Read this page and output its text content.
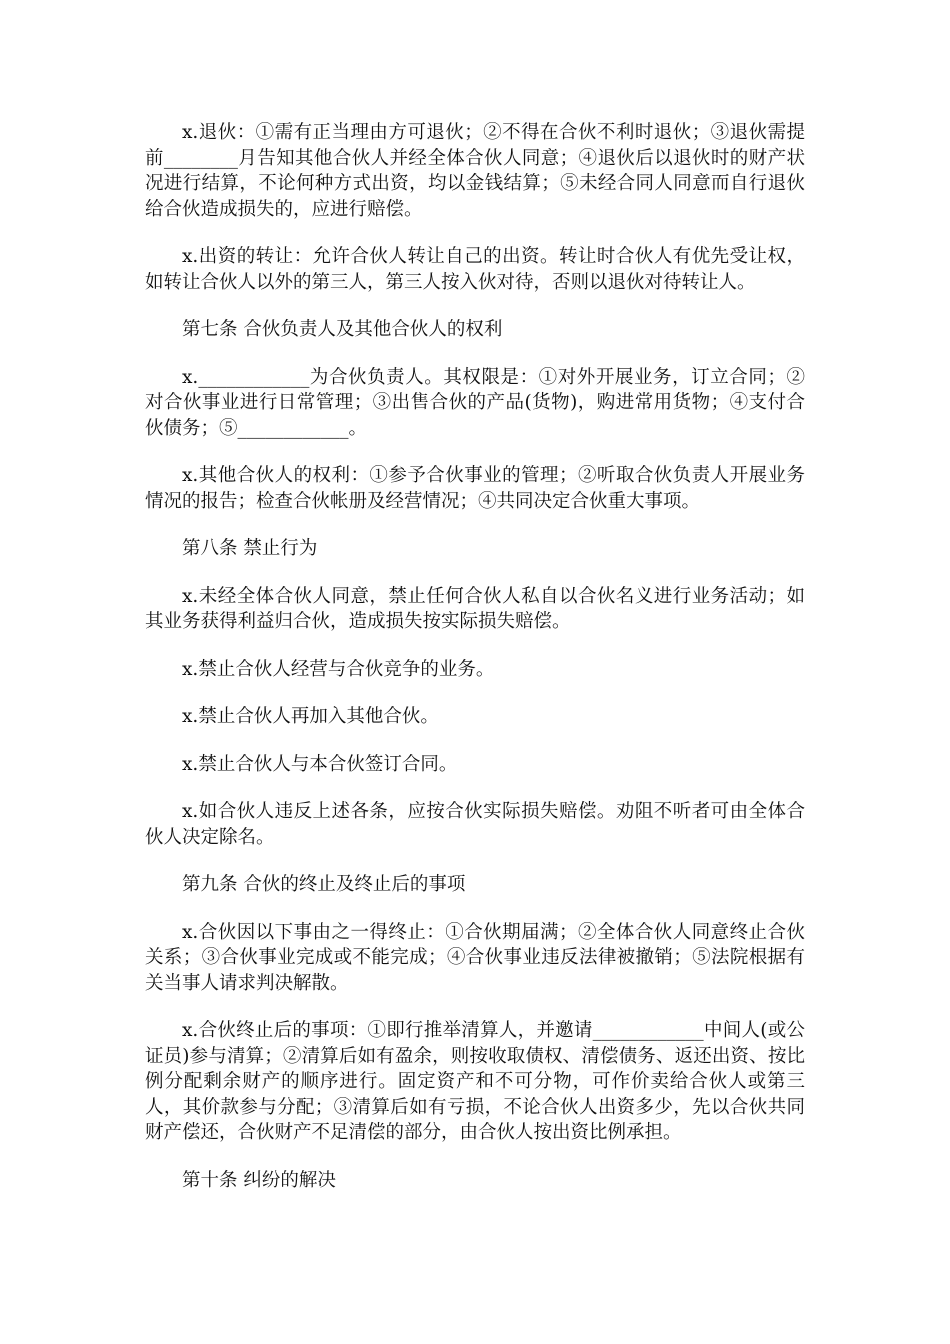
x.退伙：①需有正当理由方可退伙；②不得在合伙不利时退伙；③退伙需提前________月告知其他合伙人并经全体合伙人同意；④退伙后以退伙时的财产状况进行结算，不论何种方式出资，均以金钱结算；⑤未经合同人同意而自行退伙给合伙造成损失的，应进行赔偿。

x.出资的转让：允许合伙人转让自己的出资。转让时合伙人有优先受让权，如转让合伙人以外的第三人，第三人按入伙对待，否则以退伙对待转让人。

第七条 合伙负责人及其他合伙人的权利

x.____________为合伙负责人。其权限是：①对外开展业务，订立合同；②对合伙事业进行日常管理；③出售合伙的产品(货物)，购进常用货物；④支付合伙债务；⑤____________。

x.其他合伙人的权利：①参予合伙事业的管理；②听取合伙负责人开展业务情况的报告；检查合伙帐册及经营情况；④共同决定合伙重大事项。

第八条 禁止行为

x.未经全体合伙人同意，禁止任何合伙人私自以合伙名义进行业务活动；如其业务获得利益归合伙，造成损失按实际损失赔偿。

x.禁止合伙人经营与合伙竞争的业务。

x.禁止合伙人再加入其他合伙。

x.禁止合伙人与本合伙签订合同。

x.如合伙人违反上述各条，应按合伙实际损失赔偿。劝阻不听者可由全体合伙人决定除名。

第九条 合伙的终止及终止后的事项

x.合伙因以下事由之一得终止：①合伙期届满；②全体合伙人同意终止合伙关系；③合伙事业完成或不能完成；④合伙事业违反法律被撤销；⑤法院根据有关当事人请求判决解散。

x.合伙终止后的事项：①即行推举清算人，并邀请____________中间人(或公证员)参与清算；②清算后如有盈余，则按收取债权、清偿债务、返还出资、按比例分配剩余财产的顺序进行。固定资产和不可分物，可作价卖给合伙人或第三人，其价款参与分配；③清算后如有亏损，不论合伙人出资多少，先以合伙共同财产偿还，合伙财产不足清偿的部分，由合伙人按出资比例承担。

第十条 纠纷的解决
